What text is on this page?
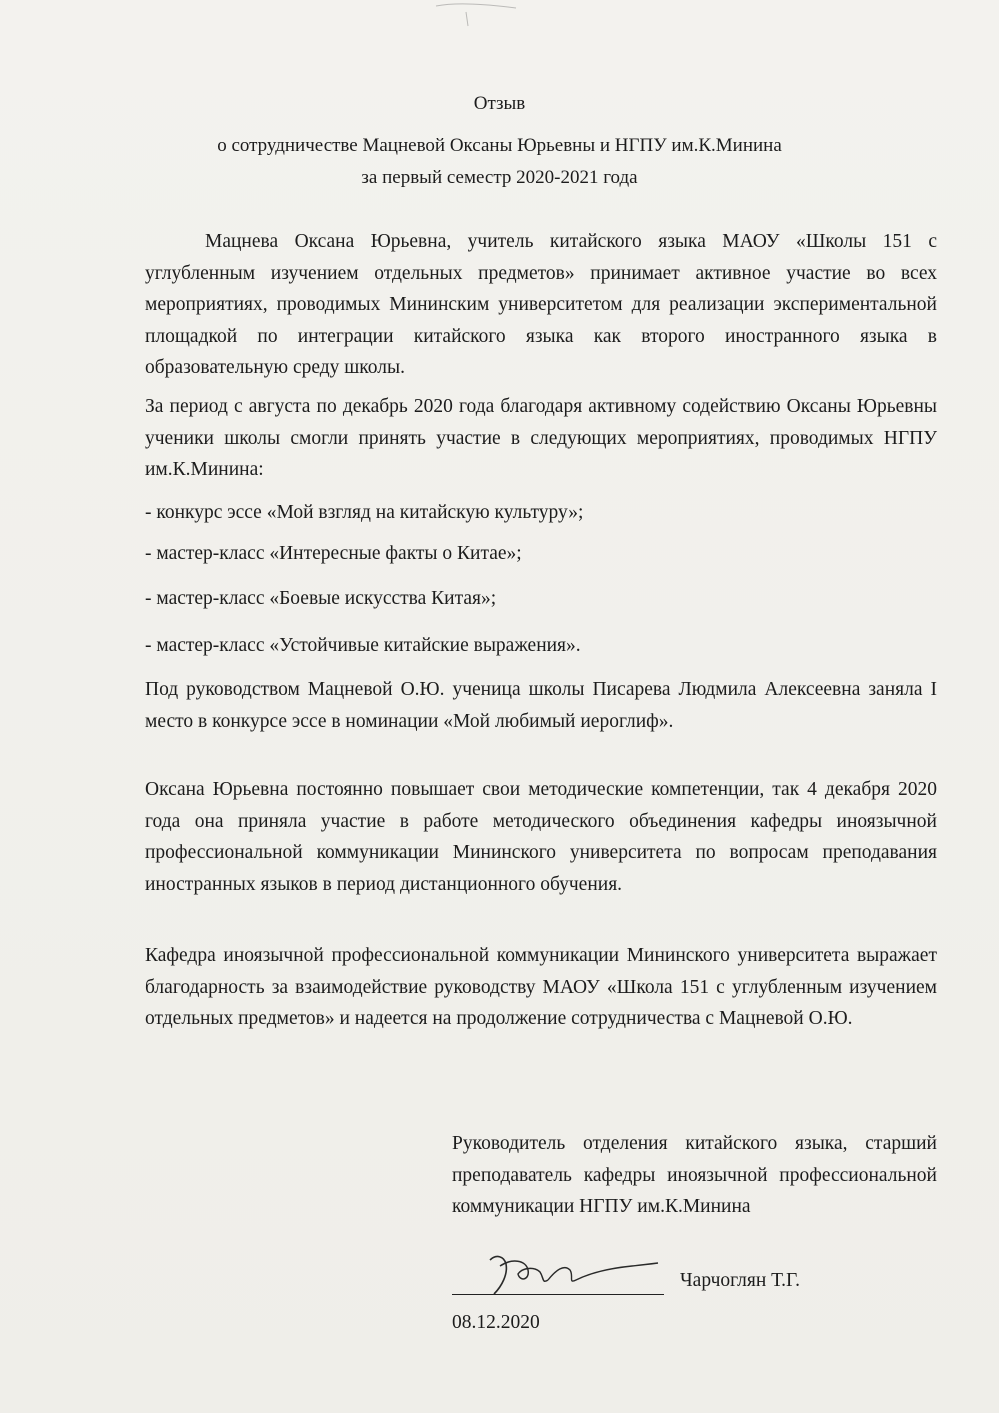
Отзыв
о сотрудничестве Мацневой Оксаны Юрьевны и НГПУ им.К.Минина
за первый семестр 2020-2021 года

Мацнева Оксана Юрьевна, учитель китайского языка МАОУ «Школы 151 с углубленным изучением отдельных предметов» принимает активное участие во всех мероприятиях, проводимых Мининским университетом для реализации экспериментальной площадкой по интеграции китайского языка как второго иностранного языка в образовательную среду школы.

За период с августа по декабрь 2020 года благодаря активному содействию Оксаны Юрьевны ученики школы смогли принять участие в следующих мероприятиях, проводимых НГПУ им.К.Минина:

- конкурс эссе «Мой взгляд на китайскую культуру»;

- мастер-класс «Интересные факты о Китае»;

- мастер-класс «Боевые искусства Китая»;

- мастер-класс «Устойчивые китайские выражения».

Под руководством Мацневой О.Ю. ученица школы Писарева Людмила Алексеевна заняла I место в конкурсе эссе в номинации «Мой любимый иероглиф».

Оксана Юрьевна постоянно повышает свои методические компетенции, так 4 декабря 2020 года она приняла участие в работе методического объединения кафедры иноязычной профессиональной коммуникации Мининского университета по вопросам преподавания иностранных языков в период дистанционного обучения.

Кафедра иноязычной профессиональной коммуникации Мининского университета выражает благодарность за взаимодействие руководству МАОУ «Школа 151 с углубленным изучением отдельных предметов» и надеется на продолжение сотрудничества с Мацневой О.Ю.

Руководитель отделения китайского языка, старший преподаватель кафедры иноязычной профессиональной коммуникации НГПУ им.К.Минина
Чарчоглян Т.Г.
08.12.2020
